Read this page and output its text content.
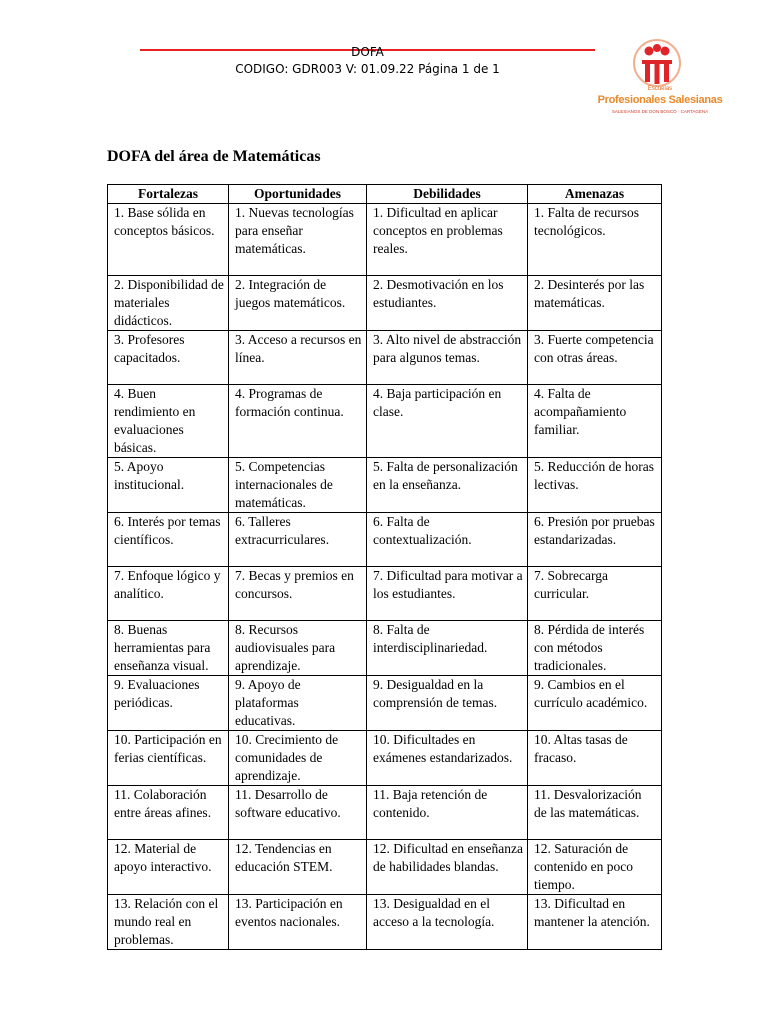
DOFA
CODIGO: GDR003 V: 01.09.22 Página 1 de 1
Escuelas
Profesionales Salesianas
SALESIANOS DE DON BOSCO · CARTAGENA
DOFA del área de Matemáticas
Fortalezas	Oportunidades	Debilidades	Amenazas
1. Base sólida en conceptos básicos.	1. Nuevas tecnologías para enseñar matemáticas.	1. Dificultad en aplicar conceptos en problemas reales.	1. Falta de recursos tecnológicos.
2. Disponibilidad de materiales didácticos.	2. Integración de juegos matemáticos.	2. Desmotivación en los estudiantes.	2. Desinterés por las matemáticas.
3. Profesores capacitados.	3. Acceso a recursos en línea.	3. Alto nivel de abstracción para algunos temas.	3. Fuerte competencia con otras áreas.
4. Buen rendimiento en evaluaciones básicas.	4. Programas de formación continua.	4. Baja participación en clase.	4. Falta de acompañamiento familiar.
5. Apoyo institucional.	5. Competencias internacionales de matemáticas.	5. Falta de personalización en la enseñanza.	5. Reducción de horas lectivas.
6. Interés por temas científicos.	6. Talleres extracurriculares.	6. Falta de contextualización.	6. Presión por pruebas estandarizadas.
7. Enfoque lógico y analítico.	7. Becas y premios en concursos.	7. Dificultad para motivar a los estudiantes.	7. Sobrecarga curricular.
8. Buenas herramientas para enseñanza visual.	8. Recursos audiovisuales para aprendizaje.	8. Falta de interdisciplinariedad.	8. Pérdida de interés con métodos tradicionales.
9. Evaluaciones periódicas.	9. Apoyo de plataformas educativas.	9. Desigualdad en la comprensión de temas.	9. Cambios en el currículo académico.
10. Participación en ferias científicas.	10. Crecimiento de comunidades de aprendizaje.	10. Dificultades en exámenes estandarizados.	10. Altas tasas de fracaso.
11. Colaboración entre áreas afines.	11. Desarrollo de software educativo.	11. Baja retención de contenido.	11. Desvalorización de las matemáticas.
12. Material de apoyo interactivo.	12. Tendencias en educación STEM.	12. Dificultad en enseñanza de habilidades blandas.	12. Saturación de contenido en poco tiempo.
13. Relación con el mundo real en problemas.	13. Participación en eventos nacionales.	13. Desigualdad en el acceso a la tecnología.	13. Dificultad en mantener la atención.
